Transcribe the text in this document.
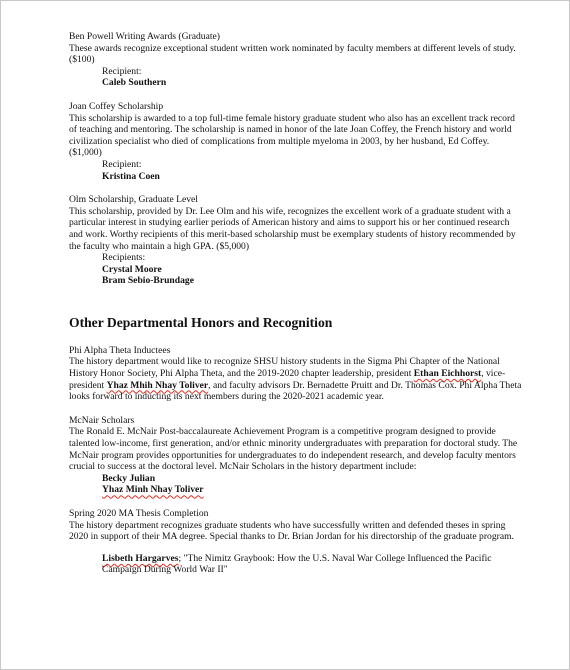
Ben Powell Writing Awards (Graduate)

These awards recognize exceptional student written work nominated by faculty members at different levels of study. ($100)

Recipient:

Caleb Southern

Joan Coffey Scholarship

This scholarship is awarded to a top full-time female history graduate student who also has an excellent track record of teaching and mentoring. The scholarship is named in honor of the late Joan Coffey, the French history and world civilization specialist who died of complications from multiple myeloma in 2003, by her husband, Ed Coffey. ($1,000)

Recipient:

Kristina Coen

Olm Scholarship, Graduate Level

This scholarship, provided by Dr. Lee Olm and his wife, recognizes the excellent work of a graduate student with a particular interest in studying earlier periods of American history and aims to support his or her continued research and work. Worthy recipients of this merit-based scholarship must be exemplary students of history recommended by the faculty who maintain a high GPA. ($5,000)

Recipients:

Crystal Moore

Bram Sebio-Brundage

Other Departmental Honors and Recognition

Phi Alpha Theta Inductees

The history department would like to recognize SHSU history students in the Sigma Phi Chapter of the National History Honor Society, Phi Alpha Theta, and the 2019-2020 chapter leadership, president Ethan Eichhorst, vice-president Yhaz Mhih Nhay Toliver, and faculty advisors Dr. Bernadette Pruitt and Dr. Thomas Cox. Phi Alpha Theta looks forward to inducting its next members during the 2020-2021 academic year.

McNair Scholars

The Ronald E. McNair Post-baccalaureate Achievement Program is a competitive program designed to provide talented low-income, first generation, and/or ethnic minority undergraduates with preparation for doctoral study. The McNair program provides opportunities for undergraduates to do independent research, and develop faculty mentors crucial to success at the doctoral level. McNair Scholars in the history department include:

Becky Julian

Yhaz Minh Nhay Toliver

Spring 2020 MA Thesis Completion

The history department recognizes graduate students who have successfully written and defended theses in spring 2020 in support of their MA degree. Special thanks to Dr. Brian Jordan for his directorship of the graduate program.

Lisbeth Hargarves; "The Nimitz Graybook: How the U.S. Naval War College Influenced the Pacific Campaign During World War II"
